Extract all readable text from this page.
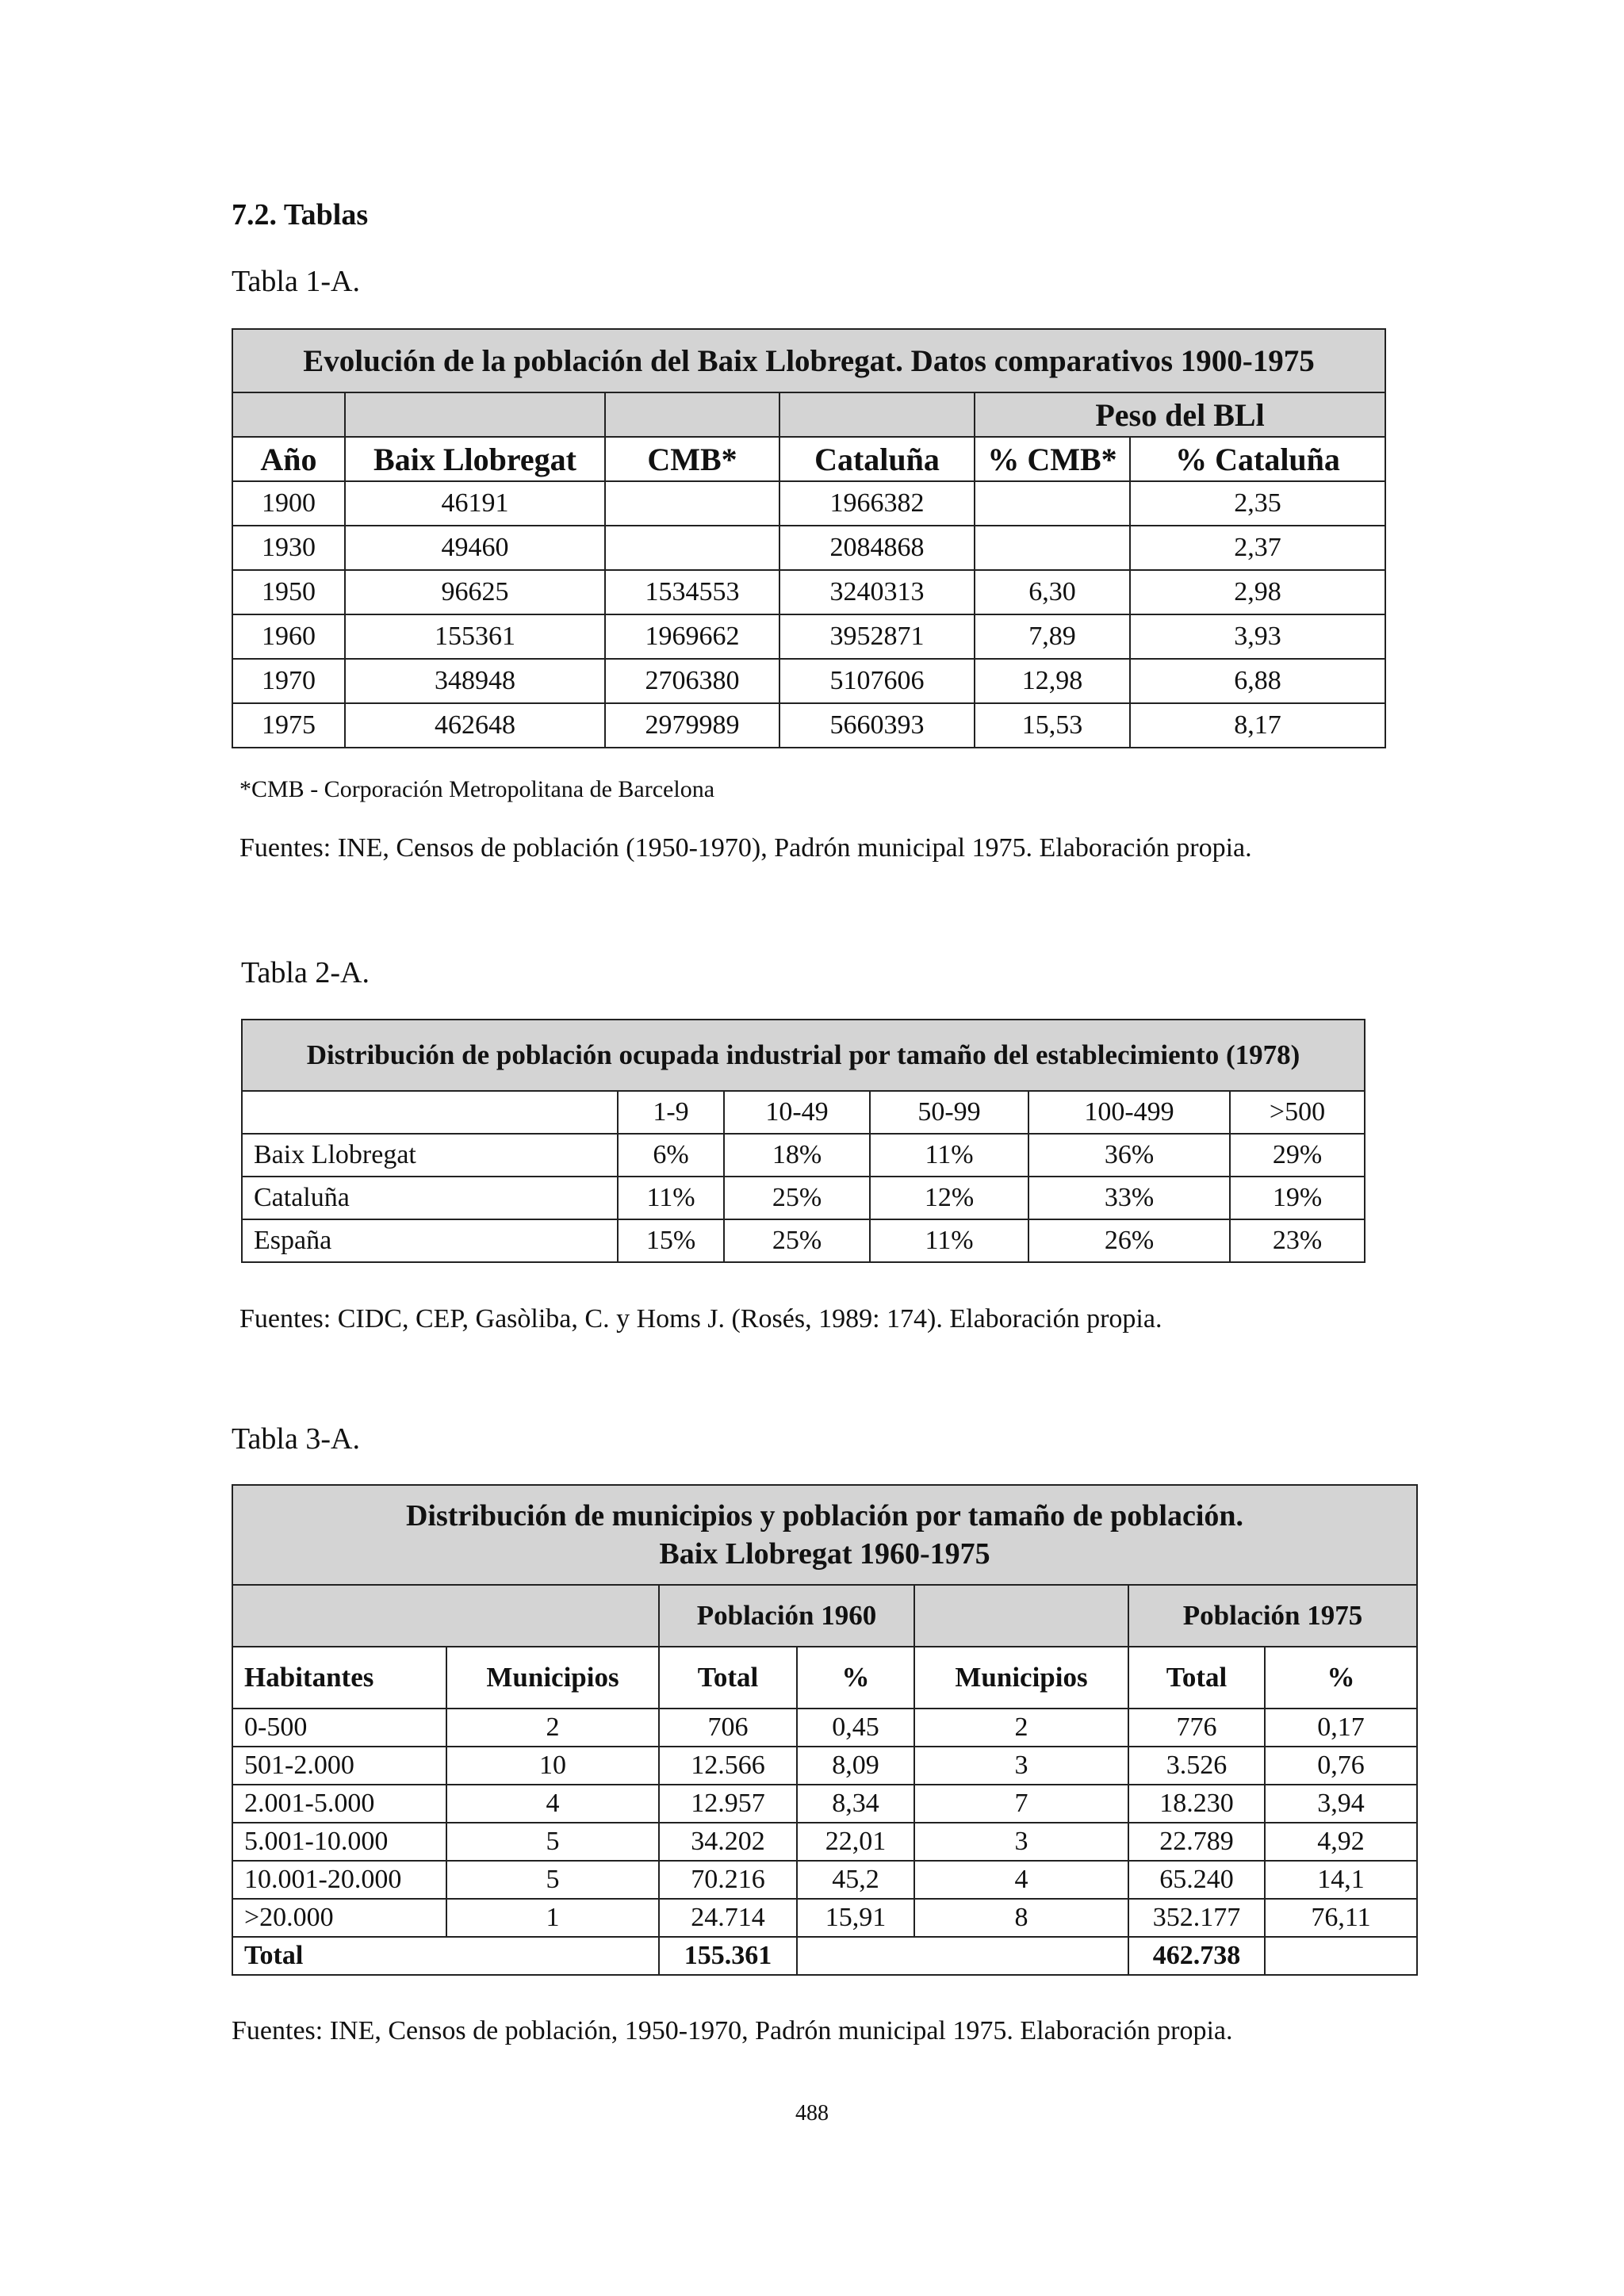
7.2. Tablas
Tabla 1-A.
Evolución de la población del Baix Llobregat. Datos comparativos 1900-1975					
				Peso del BLl	
Año	Baix Llobregat	CMB*	Cataluña	% CMB*	% Cataluña
1900	46191		1966382		2,35
1930	49460		2084868		2,37
1950	96625	1534553	3240313	6,30	2,98
1960	155361	1969662	3952871	7,89	3,93
1970	348948	2706380	5107606	12,98	6,88
1975	462648	2979989	5660393	15,53	8,17
*CMB - Corporación Metropolitana de Barcelona
Fuentes: INE, Censos de población (1950-1970), Padrón municipal 1975. Elaboración propia.
Tabla 2-A.
Distribución de población ocupada industrial por tamaño del establecimiento (1978)					
	1-9	10-49	50-99	100-499	>500
Baix Llobregat	6%	18%	11%	36%	29%
Cataluña	11%	25%	12%	33%	19%
España	15%	25%	11%	26%	23%
Fuentes: CIDC, CEP, Gasòliba, C. y Homs J. (Rosés, 1989: 174). Elaboración propia.
Tabla 3-A.
Distribución de municipios y población por tamaño de población.
Baix Llobregat 1960-1975						
		Población 1960			Población 1975	
Habitantes	Municipios	Total	%	Municipios	Total	%
0-500	2	706	0,45	2	776	0,17
501-2.000	10	12.566	8,09	3	3.526	0,76
2.001-5.000	4	12.957	8,34	7	18.230	3,94
5.001-10.000	5	34.202	22,01	3	22.789	4,92
10.001-20.000	5	70.216	45,2	4	65.240	14,1
>20.000	1	24.714	15,91	8	352.177	76,11
Total		155.361			462.738	
Fuentes: INE, Censos de población, 1950-1970, Padrón municipal 1975. Elaboración propia.
488
